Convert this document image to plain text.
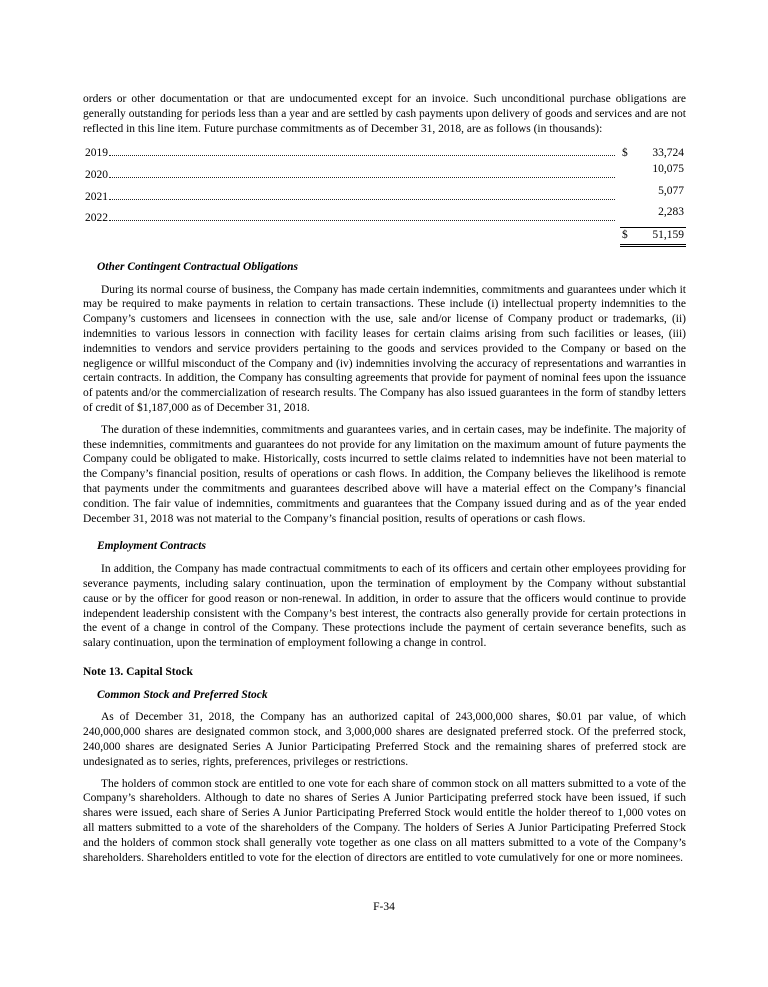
orders or other documentation or that are undocumented except for an invoice. Such unconditional purchase obligations are generally outstanding for periods less than a year and are settled by cash payments upon delivery of goods and services and are not reflected in this line item. Future purchase commitments as of December 31, 2018, are as follows (in thousands):

2019	$	33,724
2020	10,075
2021	5,077
2022	2,283
$	51,159
Other Contingent Contractual Obligations

During its normal course of business, the Company has made certain indemnities, commitments and guarantees under which it may be required to make payments in relation to certain transactions. These include (i) intellectual property indemnities to the Company’s customers and licensees in connection with the use, sale and/or license of Company product or trademarks, (ii) indemnities to various lessors in connection with facility leases for certain claims arising from such facilities or leases, (iii) indemnities to vendors and service providers pertaining to the goods and services provided to the Company or based on the negligence or willful misconduct of the Company and (iv) indemnities involving the accuracy of representations and warranties in certain contracts. In addition, the Company has consulting agreements that provide for payment of nominal fees upon the issuance of patents and/or the commercialization of research results. The Company has also issued guarantees in the form of standby letters of credit of $1,187,000 as of December 31, 2018.

The duration of these indemnities, commitments and guarantees varies, and in certain cases, may be indefinite. The majority of these indemnities, commitments and guarantees do not provide for any limitation on the maximum amount of future payments the Company could be obligated to make. Historically, costs incurred to settle claims related to indemnities have not been material to the Company’s financial position, results of operations or cash flows. In addition, the Company believes the likelihood is remote that payments under the commitments and guarantees described above will have a material effect on the Company’s financial condition. The fair value of indemnities, commitments and guarantees that the Company issued during and as of the year ended December 31, 2018 was not material to the Company’s financial position, results of operations or cash flows.

Employment Contracts

In addition, the Company has made contractual commitments to each of its officers and certain other employees providing for severance payments, including salary continuation, upon the termination of employment by the Company without substantial cause or by the officer for good reason or non-renewal. In addition, in order to assure that the officers would continue to provide independent leadership consistent with the Company’s best interest, the contracts also generally provide for certain protections in the event of a change in control of the Company. These protections include the payment of certain severance benefits, such as salary continuation, upon the termination of employment following a change in control.

Note 13. Capital Stock
Common Stock and Preferred Stock

As of December 31, 2018, the Company has an authorized capital of 243,000,000 shares, $0.01 par value, of which 240,000,000 shares are designated common stock, and 3,000,000 shares are designated preferred stock. Of the preferred stock, 240,000 shares are designated Series A Junior Participating Preferred Stock and the remaining shares of preferred stock are undesignated as to series, rights, preferences, privileges or restrictions.

The holders of common stock are entitled to one vote for each share of common stock on all matters submitted to a vote of the Company’s shareholders. Although to date no shares of Series A Junior Participating preferred stock have been issued, if such shares were issued, each share of Series A Junior Participating Preferred Stock would entitle the holder thereof to 1,000 votes on all matters submitted to a vote of the shareholders of the Company. The holders of Series A Junior Participating Preferred Stock and the holders of common stock shall generally vote together as one class on all matters submitted to a vote of the Company’s shareholders. Shareholders entitled to vote for the election of directors are entitled to vote cumulatively for one or more nominees.

F-34
